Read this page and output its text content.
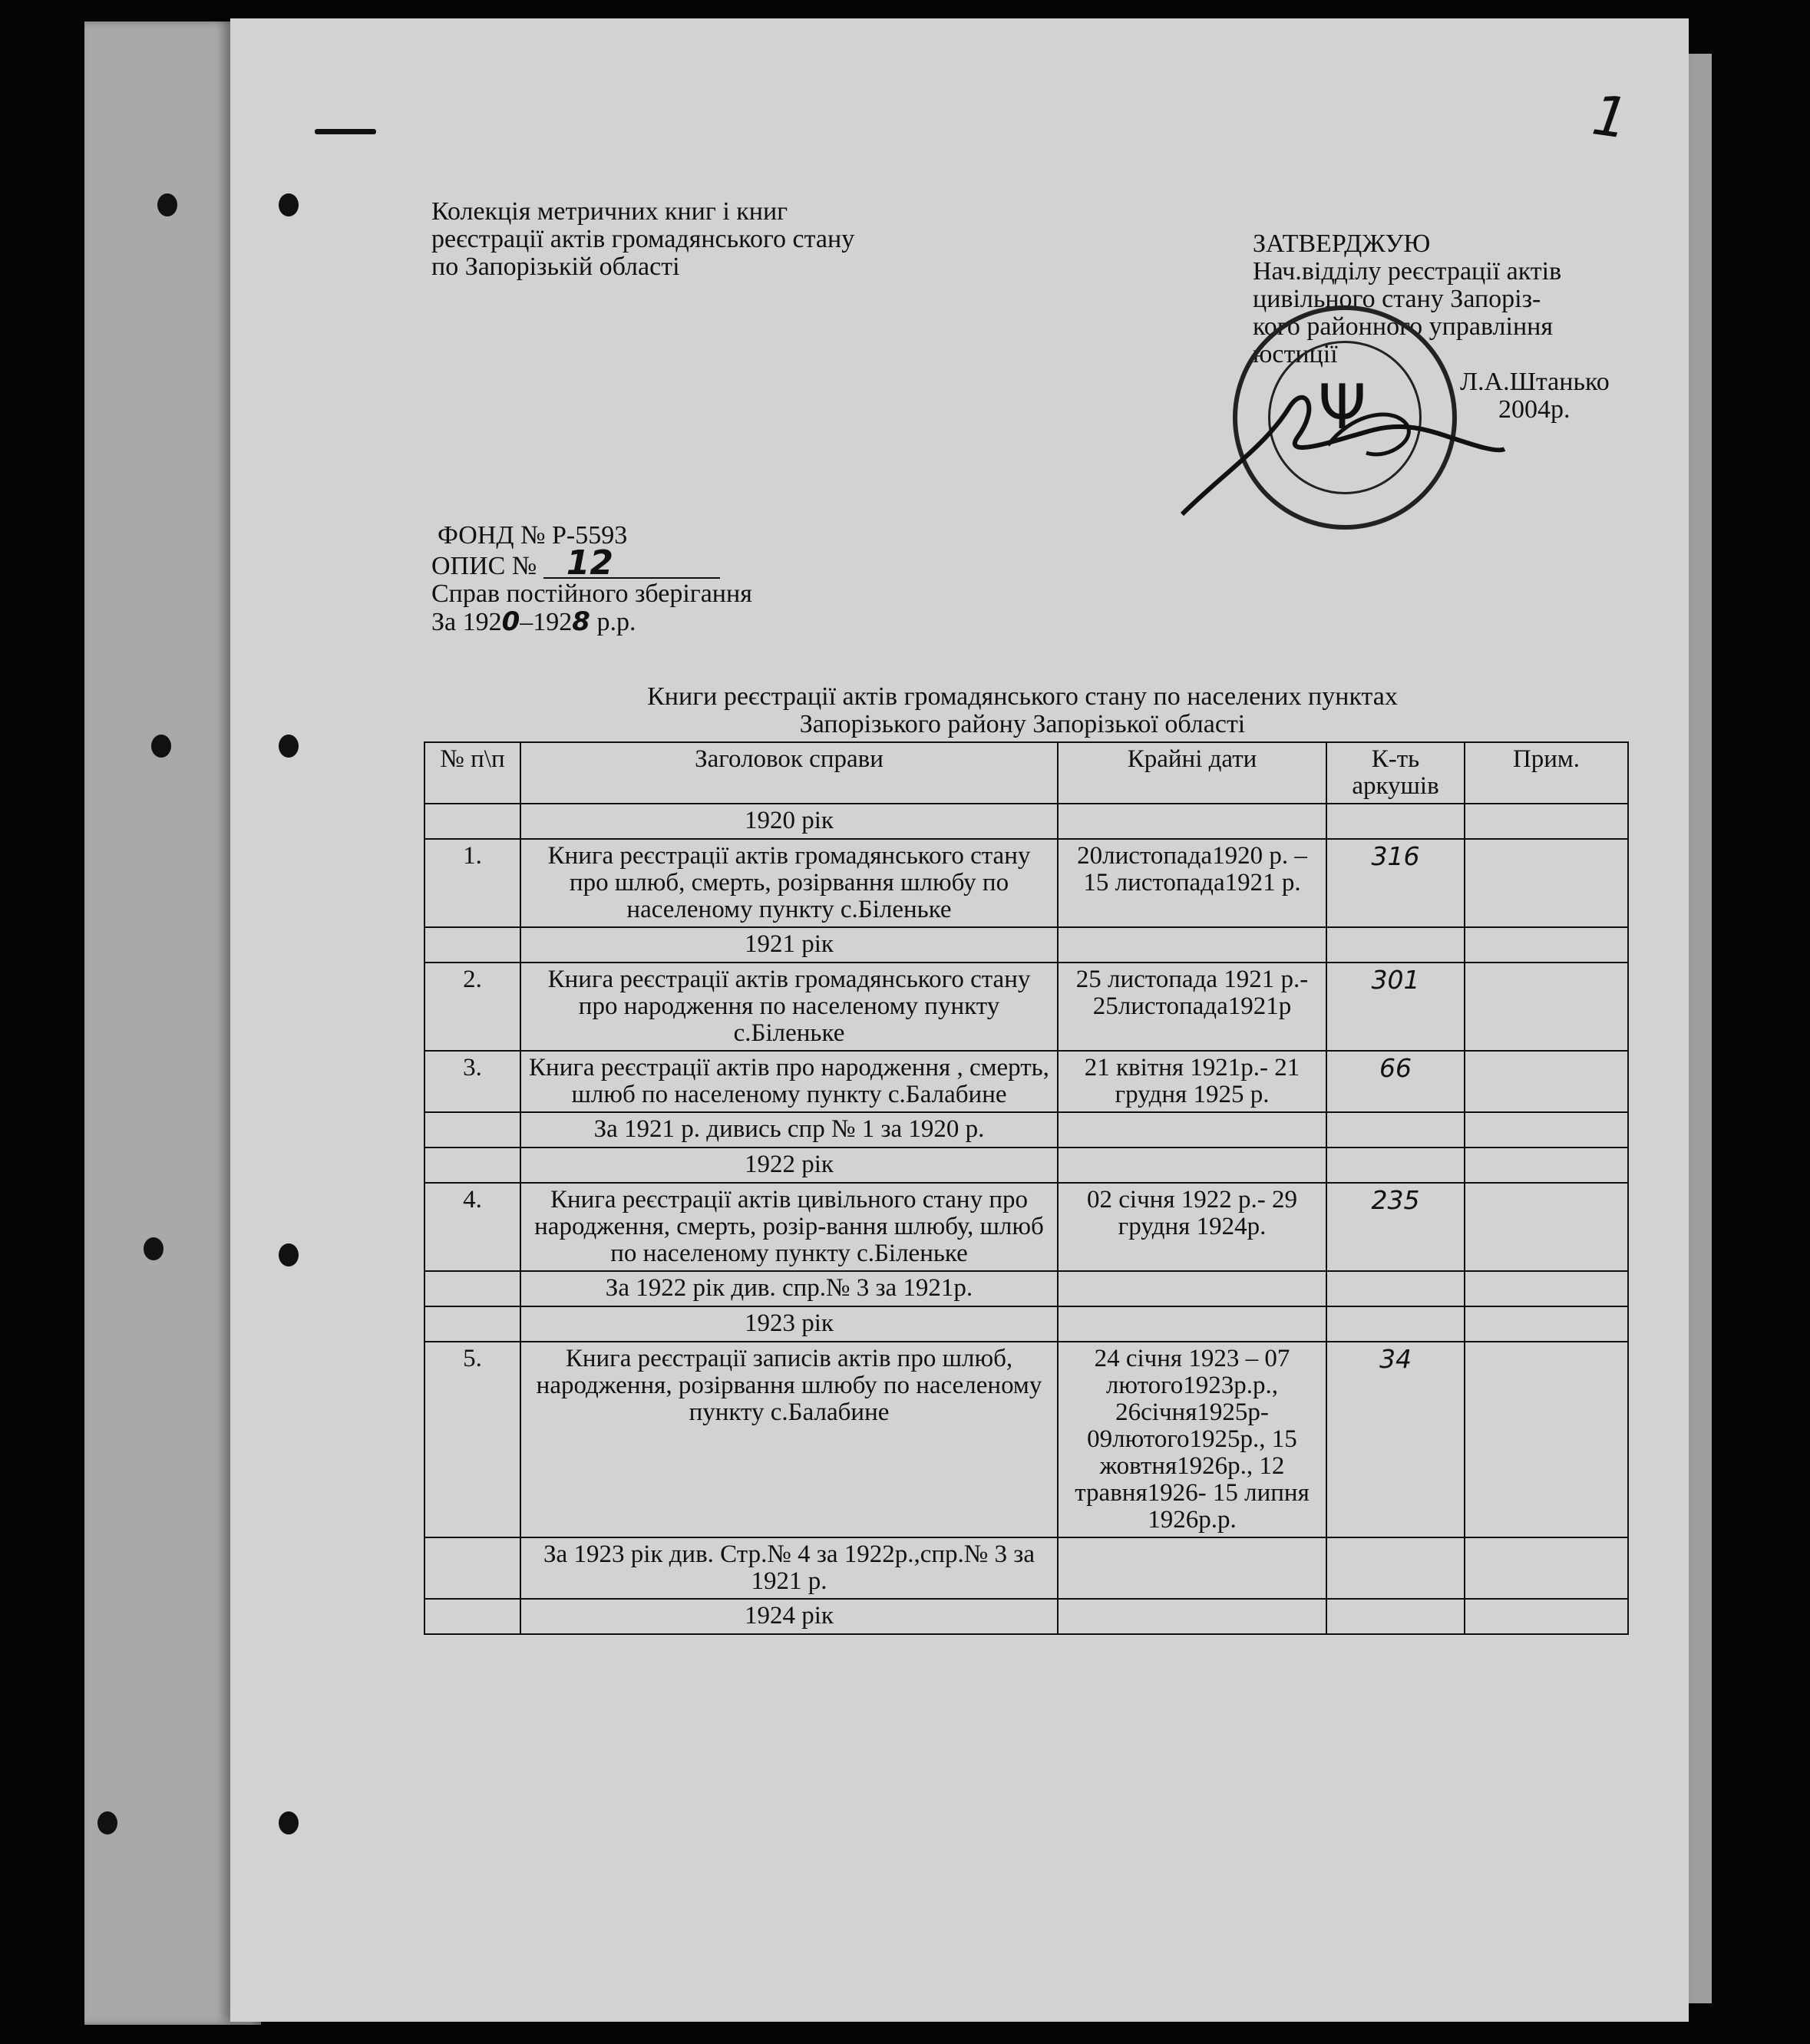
1
Колекція метричних книг і книг
реєстрації актів громадянського стану
по Запорізькій області
ЗАТВЕРДЖУЮ
Нач.відділу реєстрації актів
цивільного стану Запоріз-
кого районного управління
юстиції
Л.А.Штанько
2004р.
Ψ
ФОНД № Р-5593
ОПИС № 12
Справ постійного зберігання
За 1920–1928 р.р.
Книги реєстрації актів громадянського стану по населених пунктах
Запорізького району Запорізької області
№ п\п	Заголовок справи	Крайні дати	К-ть аркушів	Прим.
	1920 рік			
1.	Книга реєстрації актів громадянського стану про шлюб, смерть, розірвання шлюбу по населеному пункту с.Біленьке	20листопада1920 р. – 15 листопада1921 р.	316	
	1921 рік			
2.	Книга реєстрації актів громадянського стану про народження по населеному пункту с.Біленьке	25 листопада 1921 р.- 25листопада1921р	301	
3.	Книга реєстрації актів про народження , смерть, шлюб по населеному пункту с.Балабине	21 квітня 1921р.- 21 грудня 1925 р.	66	
	За 1921 р. дивись спр № 1 за 1920 р.			
	1922 рік			
4.	Книга реєстрації актів цивільного стану про народження, смерть, розір-вання шлюбу, шлюб по населеному пункту с.Біленьке	02 січня 1922 р.- 29 грудня 1924р.	235	
	За 1922 рік див. спр.№ 3 за 1921р.			
	1923 рік			
5.	Книга реєстрації записів актів про шлюб, народження, розірвання шлюбу по населеному пункту с.Балабине	24 січня 1923 – 07 лютого1923р.р., 26січня1925р- 09лютого1925р., 15 жовтня1926р., 12 травня1926- 15 липня 1926р.р.	34	
	За 1923 рік див. Стр.№ 4 за 1922р.,спр.№ 3 за 1921 р.			
	1924 рік			
